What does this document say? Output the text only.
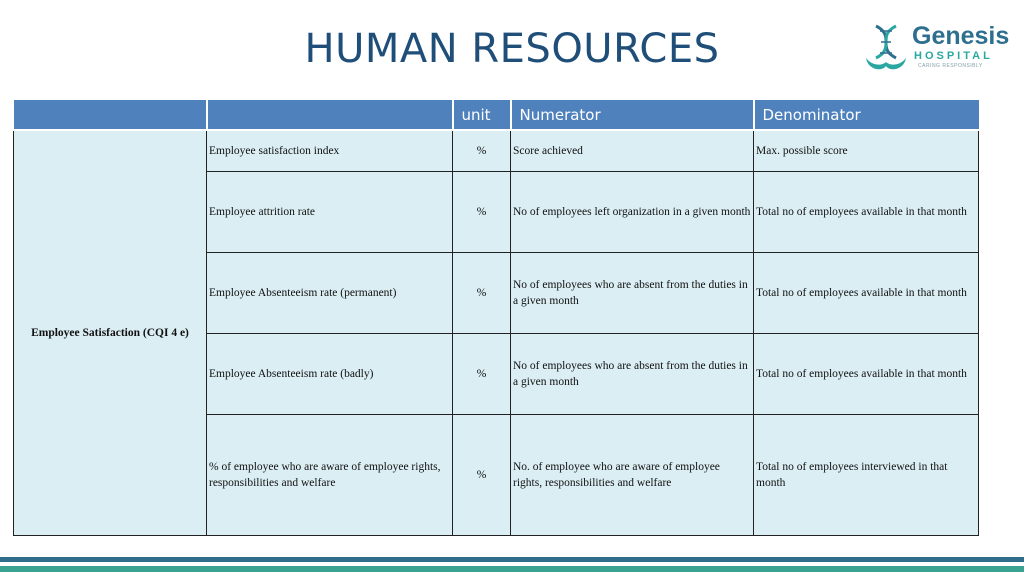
HUMAN RESOURCES	Genesis
HOSPITAL
CARING RESPONSIBLY
		unit	Numerator	Denominator
Employee Satisfaction (CQI 4 e)	Employee satisfaction index	%	Score achieved	Max. possible score
	Employee attrition rate	%	No of employees left organization in a given month	Total no of employees available in that month
	Employee Absenteeism rate (permanent)	%	No of employees who are absent from the duties in a given month	Total no of employees available in that month
	Employee Absenteeism rate (badly)	%	No of employees who are absent from the duties in a given month	Total no of employees available in that month
	% of employee who are aware of employee rights, responsibilities and welfare	%	No. of employee who are aware of employee rights, responsibilities and welfare	Total no of employees interviewed in that month
